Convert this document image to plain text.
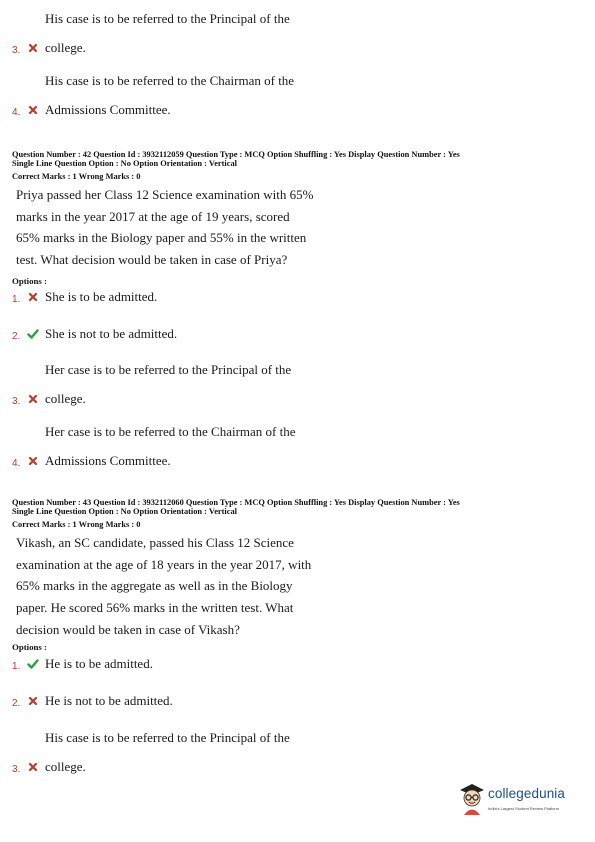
His case is to be referred to the Principal of the
3. college.
His case is to be referred to the Chairman of the
4. Admissions Committee.
Question Number : 42 Question Id : 3932112059 Question Type : MCQ Option Shuffling : Yes Display Question Number : Yes
Single Line Question Option : No Option Orientation : Vertical
Correct Marks : 1 Wrong Marks : 0
Priya passed her Class 12 Science examination with 65%
marks in the year 2017 at the age of 19 years, scored
65% marks in the Biology paper and 55% in the written
test. What decision would be taken in case of Priya?
Options :
1. She is to be admitted.
2. She is not to be admitted.
Her case is to be referred to the Principal of the
3. college.
Her case is to be referred to the Chairman of the
4. Admissions Committee.
Question Number : 43 Question Id : 3932112060 Question Type : MCQ Option Shuffling : Yes Display Question Number : Yes
Single Line Question Option : No Option Orientation : Vertical
Correct Marks : 1 Wrong Marks : 0
Vikash, an SC candidate, passed his Class 12 Science
examination at the age of 18 years in the year 2017, with
65% marks in the aggregate as well as in the Biology
paper. He scored 56% marks in the written test. What
decision would be taken in case of Vikash?
Options :
1. He is to be admitted.
2. He is not to be admitted.
His case is to be referred to the Principal of the
3. college.
collegedunia
India's Largest Student Review Platform
